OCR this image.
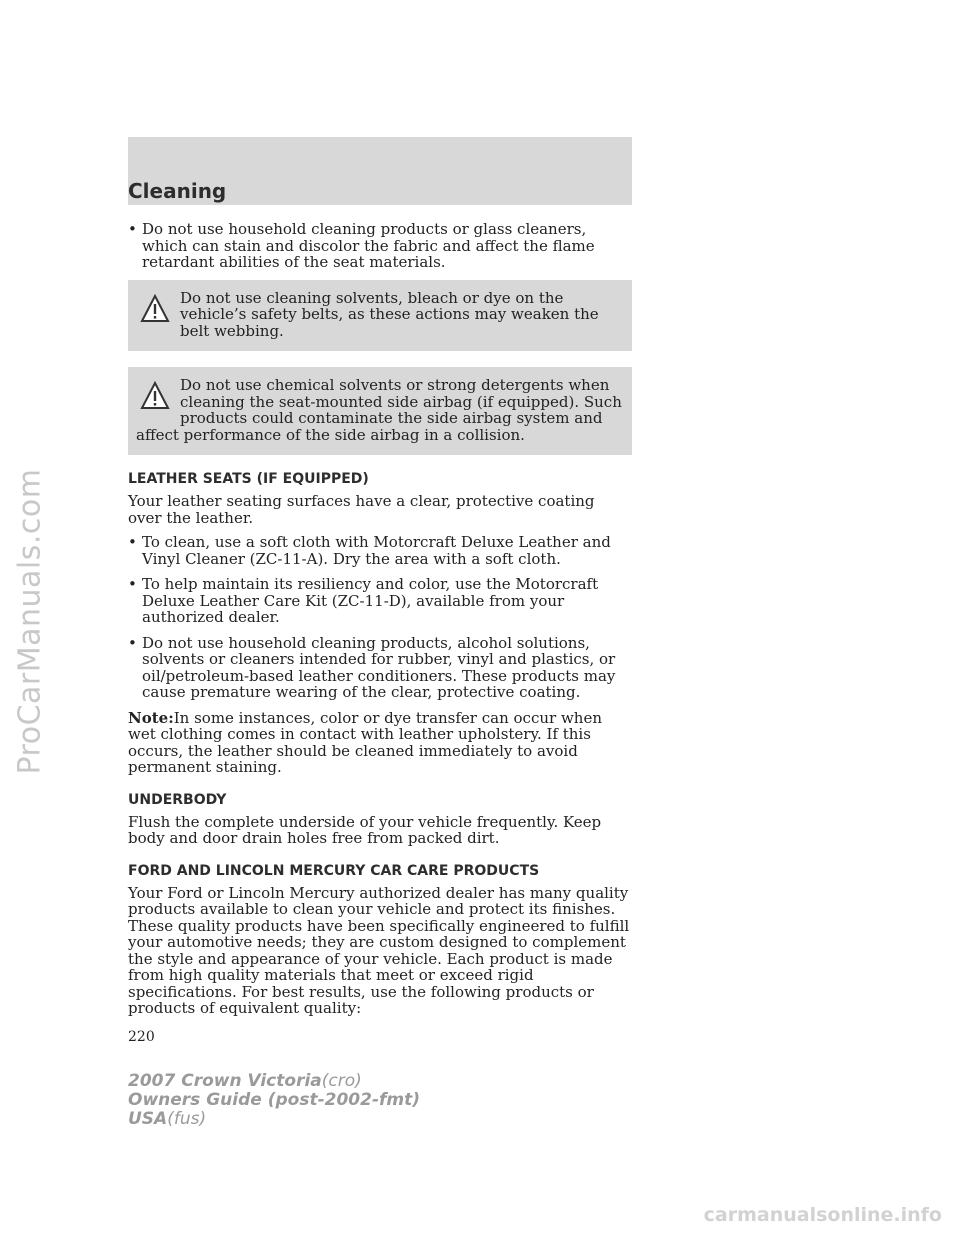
ProCarManuals.com
Cleaning
• Do not use household cleaning products or glass cleaners, which can stain and discolor the fabric and affect the flame retardant abilities of the seat materials.
Do not use cleaning solvents, bleach or dye on the vehicle’s safety belts, as these actions may weaken the belt webbing.
Do not use chemical solvents or strong detergents when cleaning the seat-mounted side airbag (if equipped). Such products could contaminate the side airbag system and affect performance of the side airbag in a collision.
LEATHER SEATS (IF EQUIPPED)

Your leather seating surfaces have a clear, protective coating over the leather.

• To clean, use a soft cloth with Motorcraft Deluxe Leather and Vinyl Cleaner (ZC-11-A). Dry the area with a soft cloth.
• To help maintain its resiliency and color, use the Motorcraft Deluxe Leather Care Kit (ZC-11-D), available from your authorized dealer.
• Do not use household cleaning products, alcohol solutions, solvents or cleaners intended for rubber, vinyl and plastics, or oil/petroleum-based leather conditioners. These products may cause premature wearing of the clear, protective coating.

Note:In some instances, color or dye transfer can occur when wet clothing comes in contact with leather upholstery. If this occurs, the leather should be cleaned immediately to avoid permanent staining.

UNDERBODY

Flush the complete underside of your vehicle frequently. Keep body and door drain holes free from packed dirt.

FORD AND LINCOLN MERCURY CAR CARE PRODUCTS

Your Ford or Lincoln Mercury authorized dealer has many quality products available to clean your vehicle and protect its finishes. These quality products have been specifically engineered to fulfill your automotive needs; they are custom designed to complement the style and appearance of your vehicle. Each product is made from high quality materials that meet or exceed rigid specifications. For best results, use the following products or products of equivalent quality:

220
2007 Crown Victoria(cro)
Owners Guide (post-2002-fmt)
USA(fus)
carmanualsonline.info
